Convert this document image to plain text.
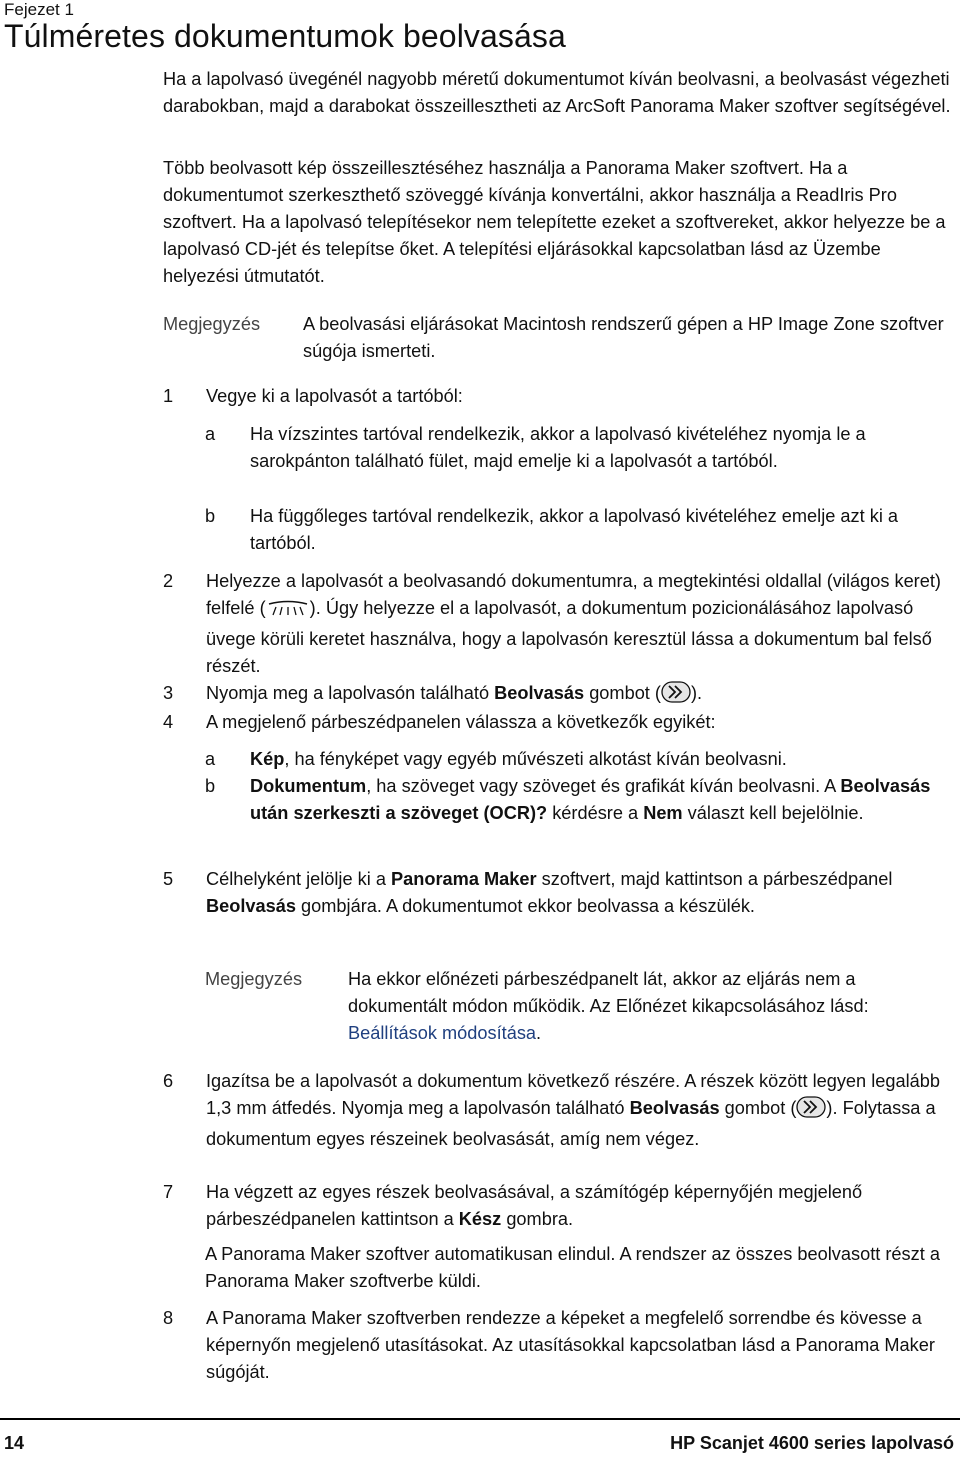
Fejezet 1
Túlméretes dokumentumok beolvasása
Ha a lapolvasó üvegénél nagyobb méretű dokumentumot kíván beolvasni, a beolvasást végezheti darabokban, majd a darabokat összeillesztheti az ArcSoft Panorama Maker szoftver segítségével.
Több beolvasott kép összeillesztéséhez használja a Panorama Maker szoftvert. Ha a dokumentumot szerkeszthető szöveggé kívánja konvertálni, akkor használja a ReadIris Pro szoftvert. Ha a lapolvasó telepítésekor nem telepítette ezeket a szoftvereket, akkor helyezze be a lapolvasó CD-jét és telepítse őket. A telepítési eljárásokkal kapcsolatban lásd az Üzembe helyezési útmutatót.
Megjegyzés A beolvasási eljárásokat Macintosh rendszerű gépen a HP Image Zone szoftver súgója ismerteti.
1	Vegye ki a lapolvasót a tartóból:
a Ha vízszintes tartóval rendelkezik, akkor a lapolvasó kivételéhez nyomja le a sarokpánton található fület, majd emelje ki a lapolvasót a tartóból.
b Ha függőleges tartóval rendelkezik, akkor a lapolvasó kivételéhez emelje azt ki a tartóból.
2	Helyezze a lapolvasót a beolvasandó dokumentumra, a megtekintési oldallal (világos keret) felfelé ( ). Úgy helyezze el a lapolvasót, a dokumentum pozicionálásához lapolvasó üvege körüli keretet használva, hogy a lapolvasón keresztül lássa a dokumentum bal felső részét.
3	Nyomja meg a lapolvasón található Beolvasás gombot ( ).
4	A megjelenő párbeszédpanelen válassza a következők egyikét:
a Kép, ha fényképet vagy egyéb művészeti alkotást kíván beolvasni.
b Dokumentum, ha szöveget vagy szöveget és grafikát kíván beolvasni. A Beolvasás után szerkeszti a szöveget (OCR)? kérdésre a Nem választ kell bejelölnie.
5	Célhelyként jelölje ki a Panorama Maker szoftvert, majd kattintson a párbeszédpanel Beolvasás gombjára. A dokumentumot ekkor beolvassa a készülék.
Megjegyzés	Ha ekkor előnézeti párbeszédpanelt lát, akkor az eljárás nem a dokumentált módon működik. Az Előnézet kikapcsolásához lásd: Beállítások módosítása.
6	Igazítsa be a lapolvasót a dokumentum következő részére. A részek között legyen legalább 1,3 mm átfedés. Nyomja meg a lapolvasón található Beolvasás gombot ( ). Folytassa a dokumentum egyes részeinek beolvasását, amíg nem végez.
7	Ha végzett az egyes részek beolvasásával, a számítógép képernyőjén megjelenő párbeszédpanelen kattintson a Kész gombra.
A Panorama Maker szoftver automatikusan elindul. A rendszer az összes beolvasott részt a Panorama Maker szoftverbe küldi.
8	A Panorama Maker szoftverben rendezze a képeket a megfelelő sorrendbe és kövesse a képernyőn megjelenő utasításokat. Az utasításokkal kapcsolatban lásd a Panorama Maker súgóját.
14	HP Scanjet 4600 series lapolvasó
